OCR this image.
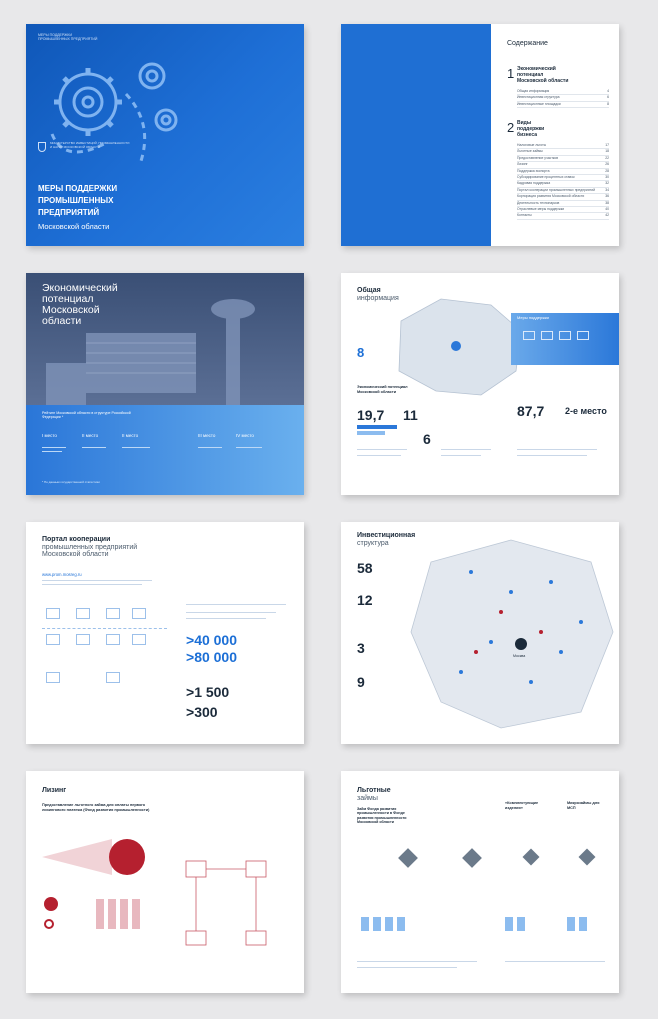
МЕРЫ ПОДДЕРЖКИ ПРОМЫШЛЕННЫХ ПРЕДПРИЯТИЙ
МИНИСТЕРСТВО ИНВЕСТИЦИЙ, ПРОМЫШЛЕННОСТИ И НАУКИ МОСКОВСКОЙ ОБЛАСТИ
МЕРЫ ПОДДЕРЖКИ
ПРОМЫШЛЕННЫХ
ПРЕДПРИЯТИЙ
Московской области
Содержание
1 Экономический
потенциал
Московской области
Общая информация	4
Инвестиционная структура	6
Инвестиционные площадки	8
2 Виды
поддержки
бизнеса
Налоговые льготы	17
Льготные займы	18
Предоставление участков	22
Лизинг	26
Поддержка экспорта	28
Субсидирование процентных ставок	30
Кадровая поддержка	32
Портал кооперации промышленных предприятий	34
Корпорация развития Московской области	36
Деятельность технопарков	38
Отраслевые меры поддержки	40
Контакты	42
Экономический
потенциал
Московской
области
Рейтинг Московской области в структуре Российской Федерации *
I место	II место	II место	III место	IV место
* По данным государственной статистики
Общая
информация
Меры поддержки
8
Экономический потенциал Московской области
19,7 11
6
87,7 2-е место
Портал кооперации
промышленных предприятий
Московской области
www.prom.mosreg.ru
>40 000
>80 000
>1 500
>300
Москва
Инвестиционная
структура
58
12
3
9
Лизинг
Предоставление льготного займа для оплаты первого лизингового платежа (Фонд развития промышленности)
Льготные
займы
Займ Фонда развития промышленности в Фонде развития промышленности Московской области
«Комплектующие изделия»
Микрозаймы для МСП
